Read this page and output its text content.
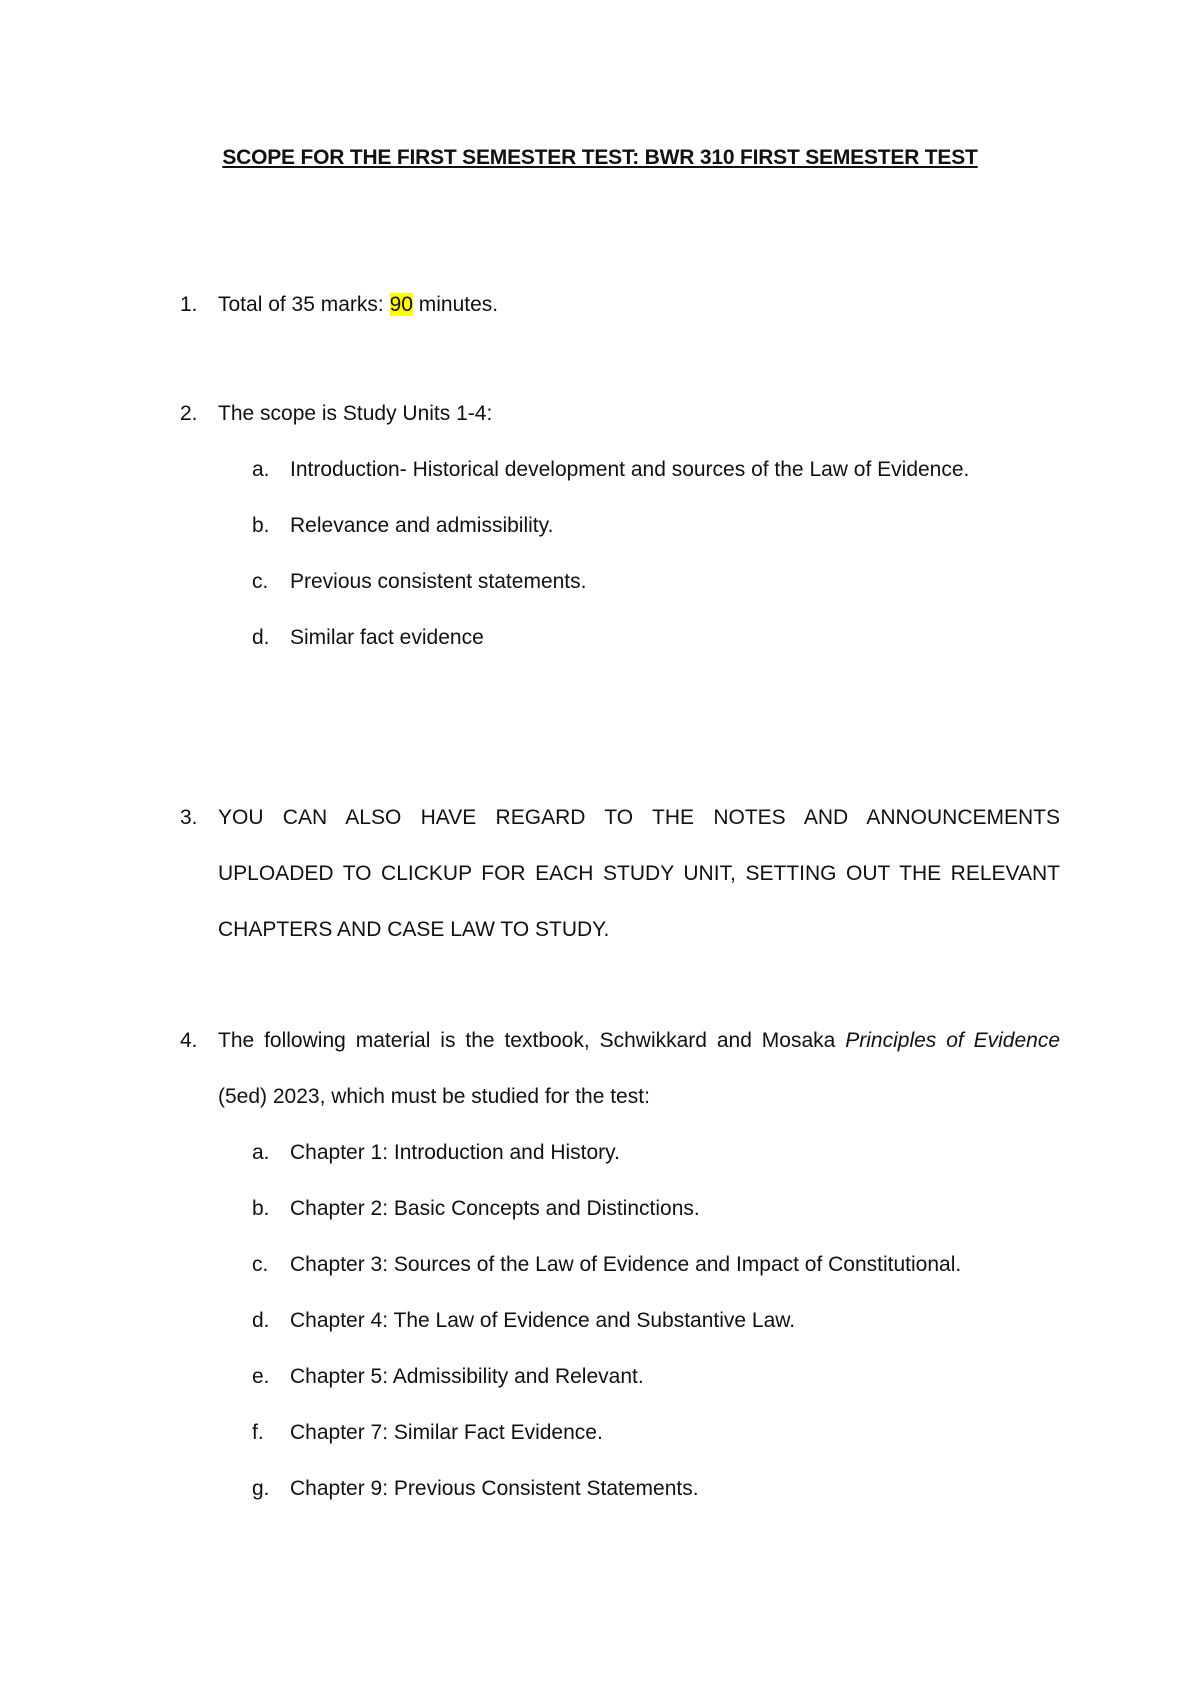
SCOPE FOR THE FIRST SEMESTER TEST: BWR 310 FIRST SEMESTER TEST
1. Total of 35 marks: 90 minutes.
2. The scope is Study Units 1-4:
a. Introduction- Historical development and sources of the Law of Evidence.
b. Relevance and admissibility.
c.	Previous consistent statements.
d. Similar fact evidence
3. YOU CAN ALSO HAVE REGARD TO THE NOTES AND ANNOUNCEMENTS UPLOADED TO CLICKUP FOR EACH STUDY UNIT, SETTING OUT THE RELEVANT CHAPTERS AND CASE LAW TO STUDY.
4. The following material is the textbook, Schwikkard and Mosaka Principles of Evidence (5ed) 2023, which must be studied for the test:
a. Chapter 1: Introduction and History.
b. Chapter 2: Basic Concepts and Distinctions.
c.	Chapter 3: Sources of the Law of Evidence and Impact of Constitutional.
d. Chapter 4: The Law of Evidence and Substantive Law.
e. Chapter 5: Admissibility and Relevant.
f.	Chapter 7: Similar Fact Evidence.
g. Chapter 9: Previous Consistent Statements.
